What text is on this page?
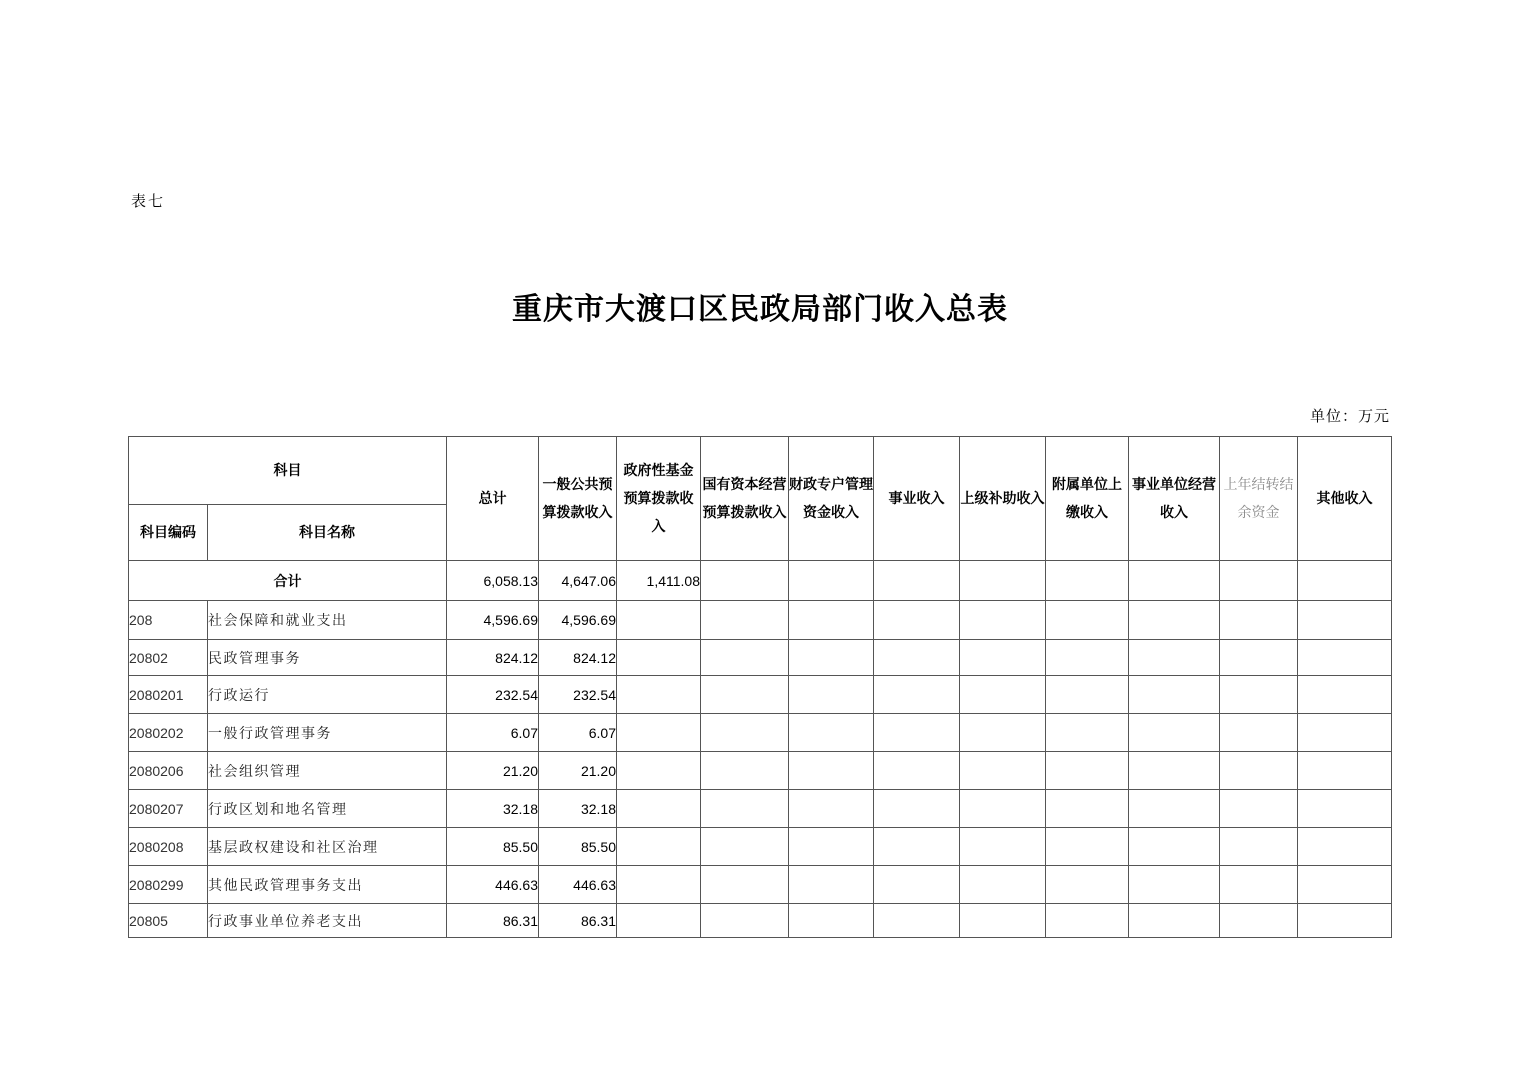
表七
重庆市大渡口区民政局部门收入总表
单位：万元
科目		总计	一般公共预算拨款收入	政府性基金预算拨款收入	国有资本经营预算拨款收入	财政专户管理资金收入	事业收入	上级补助收入	附属单位上缴收入	事业单位经营收入	上年结转结余资金	其他收入
科目编码	科目名称											
合计		6,058.13	4,647.06	1,411.08								
208	社会保障和就业支出	4,596.69	4,596.69									
20802	民政管理事务	824.12	824.12									
2080201	行政运行	232.54	232.54									
2080202	一般行政管理事务	6.07	6.07									
2080206	社会组织管理	21.20	21.20									
2080207	行政区划和地名管理	32.18	32.18									
2080208	基层政权建设和社区治理	85.50	85.50									
2080299	其他民政管理事务支出	446.63	446.63									
20805	行政事业单位养老支出	86.31	86.31									
